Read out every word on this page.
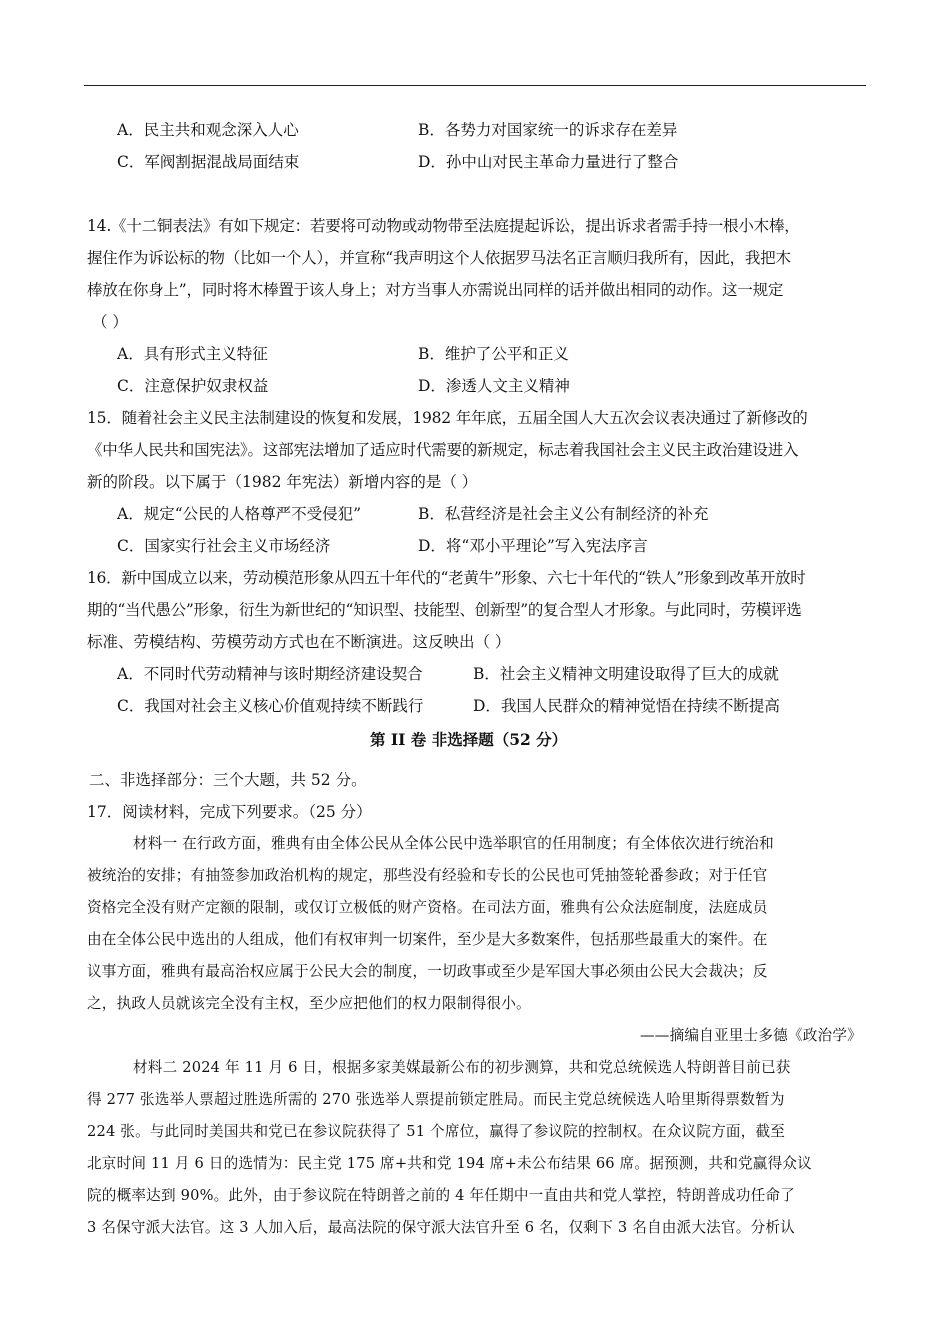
A．民主共和观念深入人心	B．各势力对国家统一的诉求存在差异
C．军阀割据混战局面结束	D．孙中山对民主革命力量进行了整合
14.《十二铜表法》有如下规定：若要将可动物或动物带至法庭提起诉讼，提出诉求者需手持一根小木棒，
握住作为诉讼标的物（比如一个人），并宣称“我声明这个人依据罗马法名正言顺归我所有，因此，我把木
棒放在你身上”，同时将木棒置于该人身上；对方当事人亦需说出同样的话并做出相同的动作。这一规定
（ ）
A．具有形式主义特征	B．维护了公平和正义
C．注意保护奴隶权益	D．渗透人文主义精神
15．随着社会主义民主法制建设的恢复和发展，1982 年年底，五届全国人大五次会议表决通过了新修改的
《中华人民共和国宪法》。这部宪法增加了适应时代需要的新规定，标志着我国社会主义民主政治建设进入
新的阶段。以下属于（1982 年宪法）新增内容的是（ ）
A．规定“公民的人格尊严不受侵犯”	B．私营经济是社会主义公有制经济的补充
C．国家实行社会主义市场经济	D．将“邓小平理论”写入宪法序言
16．新中国成立以来，劳动模范形象从四五十年代的“老黄牛”形象、六七十年代的“铁人”形象到改革开放时
期的“当代愚公”形象，衍生为新世纪的“知识型、技能型、创新型”的复合型人才形象。与此同时，劳模评选
标准、劳模结构、劳模劳动方式也在不断演进。这反映出（ ）
A．不同时代劳动精神与该时期经济建设契合	B．社会主义精神文明建设取得了巨大的成就
C．我国对社会主义核心价值观持续不断践行	D．我国人民群众的精神觉悟在持续不断提高
第 II 卷 非选择题（52 分）
二、非选择部分：三个大题，共 52 分。
17．阅读材料，完成下列要求。（25 分）
材料一 在行政方面，雅典有由全体公民从全体公民中选举职官的任用制度；有全体依次进行统治和
被统治的安排；有抽签参加政治机构的规定，那些没有经验和专长的公民也可凭抽签轮番参政；对于任官
资格完全没有财产定额的限制，或仅订立极低的财产资格。在司法方面，雅典有公众法庭制度，法庭成员
由在全体公民中选出的人组成，他们有权审判一切案件，至少是大多数案件，包括那些最重大的案件。在
议事方面，雅典有最高治权应属于公民大会的制度，一切政事或至少是军国大事必须由公民大会裁决；反
之，执政人员就该完全没有主权，至少应把他们的权力限制得很小。
——摘编自亚里士多德《政治学》
材料二 2024 年 11 月 6 日，根据多家美媒最新公布的初步测算，共和党总统候选人特朗普目前已获
得 277 张选举人票超过胜选所需的 270 张选举人票提前锁定胜局。而民主党总统候选人哈里斯得票数暂为
224 张。与此同时美国共和党已在参议院获得了 51 个席位，赢得了参议院的控制权。在众议院方面，截至
北京时间 11 月 6 日的选情为：民主党 175 席+共和党 194 席+未公布结果 66 席。据预测，共和党赢得众议
院的概率达到 90%。此外，由于参议院在特朗普之前的 4 年任期中一直由共和党人掌控，特朗普成功任命了
3 名保守派大法官。这 3 人加入后，最高法院的保守派大法官升至 6 名，仅剩下 3 名自由派大法官。分析认
